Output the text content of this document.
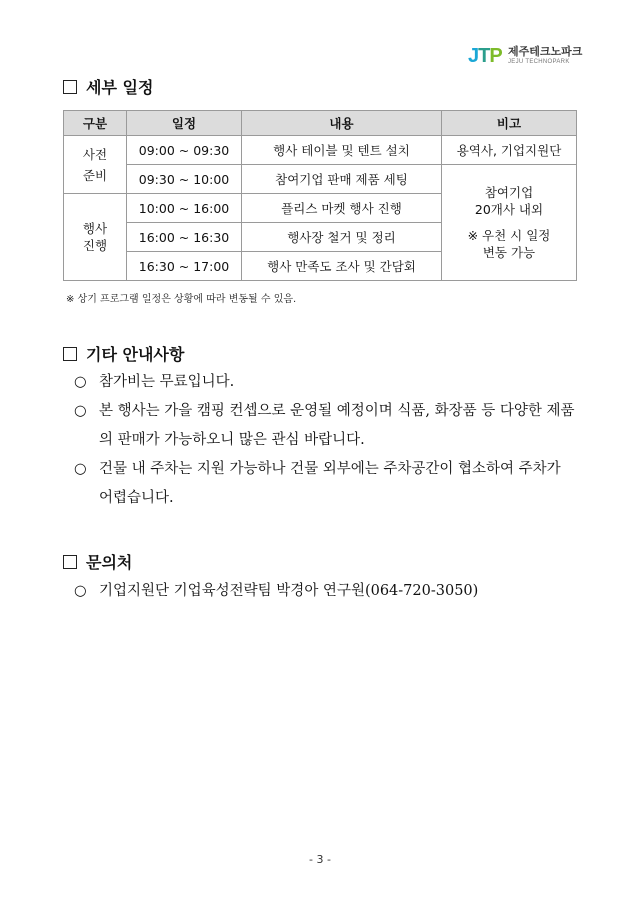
JTP 제주테크노파크
JEJU TECHNOPARK
세부 일정
구분	일정	내용	비고

사전 준비	09:00 ~ 09:30	행사 테이블 및 텐트 설치	용역사, 기업지원단
	09:30 ~ 10:00	참여기업 판매 제품 세팅	참여기업
20개사 내외
※ 우천 시 일정
변동 가능

행사 진행	10:00 ~ 16:00	플리스 마켓 행사 진행	
	16:00 ~ 16:30	행사장 철거 및 정리	
	16:30 ~ 17:00	행사 만족도 조사 및 간담회	
※ 상기 프로그램 일정은 상황에 따라 변동될 수 있음.
기타 안내사항
○ 참가비는 무료입니다.
○ 본 행사는 가을 캠핑 컨셉으로 운영될 예정이며 식품, 화장품 등 다양한 제품의 판매가 가능하오니 많은 관심 바랍니다.
○ 건물 내 주차는 지원 가능하나 건물 외부에는 주차공간이 협소하여 주차가 어렵습니다.
문의처
○ 기업지원단 기업육성전략팀 박경아 연구원(064-720-3050)
- 3 -
